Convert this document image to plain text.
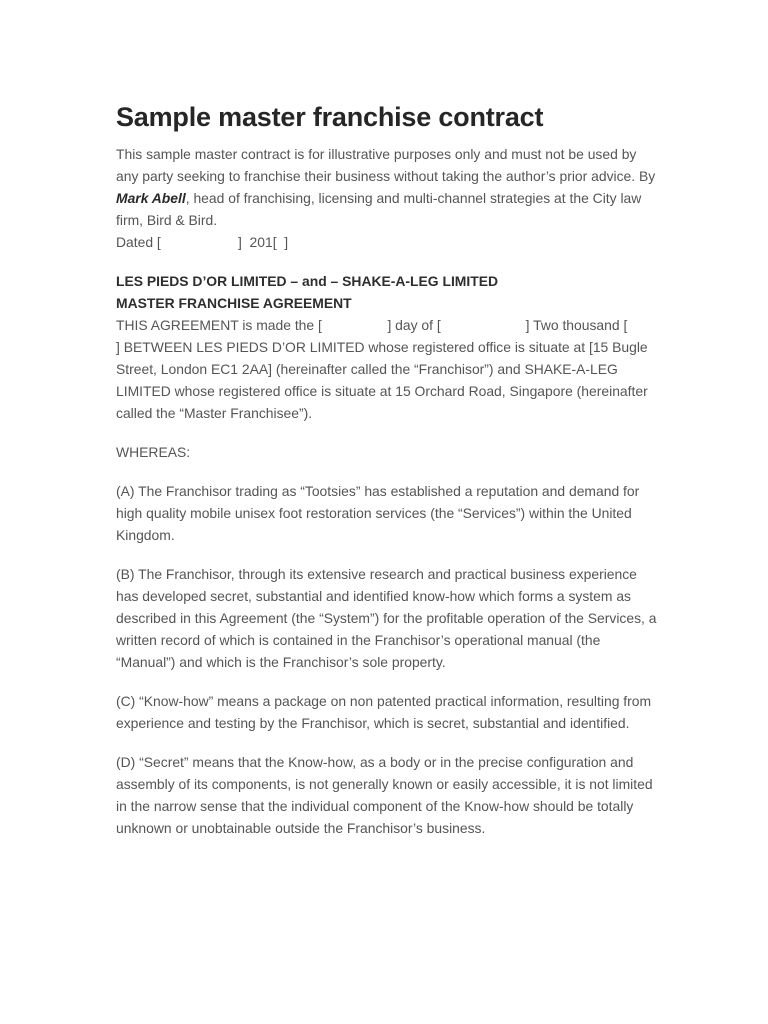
Sample master franchise contract

This sample master contract is for illustrative purposes only and must not be used by any party seeking to franchise their business without taking the author’s prior advice. By Mark Abell, head of franchising, licensing and multi-channel strategies at the City law firm, Bird & Bird.

Dated [                    ]  201[  ]

LES PIEDS D’OR LIMITED – and – SHAKE-A-LEG LIMITED

MASTER FRANCHISE AGREEMENT

THIS AGREEMENT is made the [                 ] day of [                      ] Two thousand [              ] BETWEEN LES PIEDS D’OR LIMITED whose registered office is situate at [15 Bugle Street, London EC1 2AA] (hereinafter called the “Franchisor”) and SHAKE-A-LEG LIMITED whose registered office is situate at 15 Orchard Road, Singapore (hereinafter called the “Master Franchisee”).

WHEREAS:

(A) The Franchisor trading as “Tootsies” has established a reputation and demand for high quality mobile unisex foot restoration services (the “Services”) within the United Kingdom.

(B) The Franchisor, through its extensive research and practical business experience has developed secret, substantial and identified know-how which forms a system as described in this Agreement (the “System”) for the profitable operation of the Services, a written record of which is contained in the Franchisor’s operational manual (the “Manual”) and which is the Franchisor’s sole property.

(C) “Know-how” means a package on non patented practical information, resulting from experience and testing by the Franchisor, which is secret, substantial and identified.

(D) “Secret” means that the Know-how, as a body or in the precise configuration and assembly of its components, is not generally known or easily accessible, it is not limited in the narrow sense that the individual component of the Know-how should be totally unknown or unobtainable outside the Franchisor’s business.
